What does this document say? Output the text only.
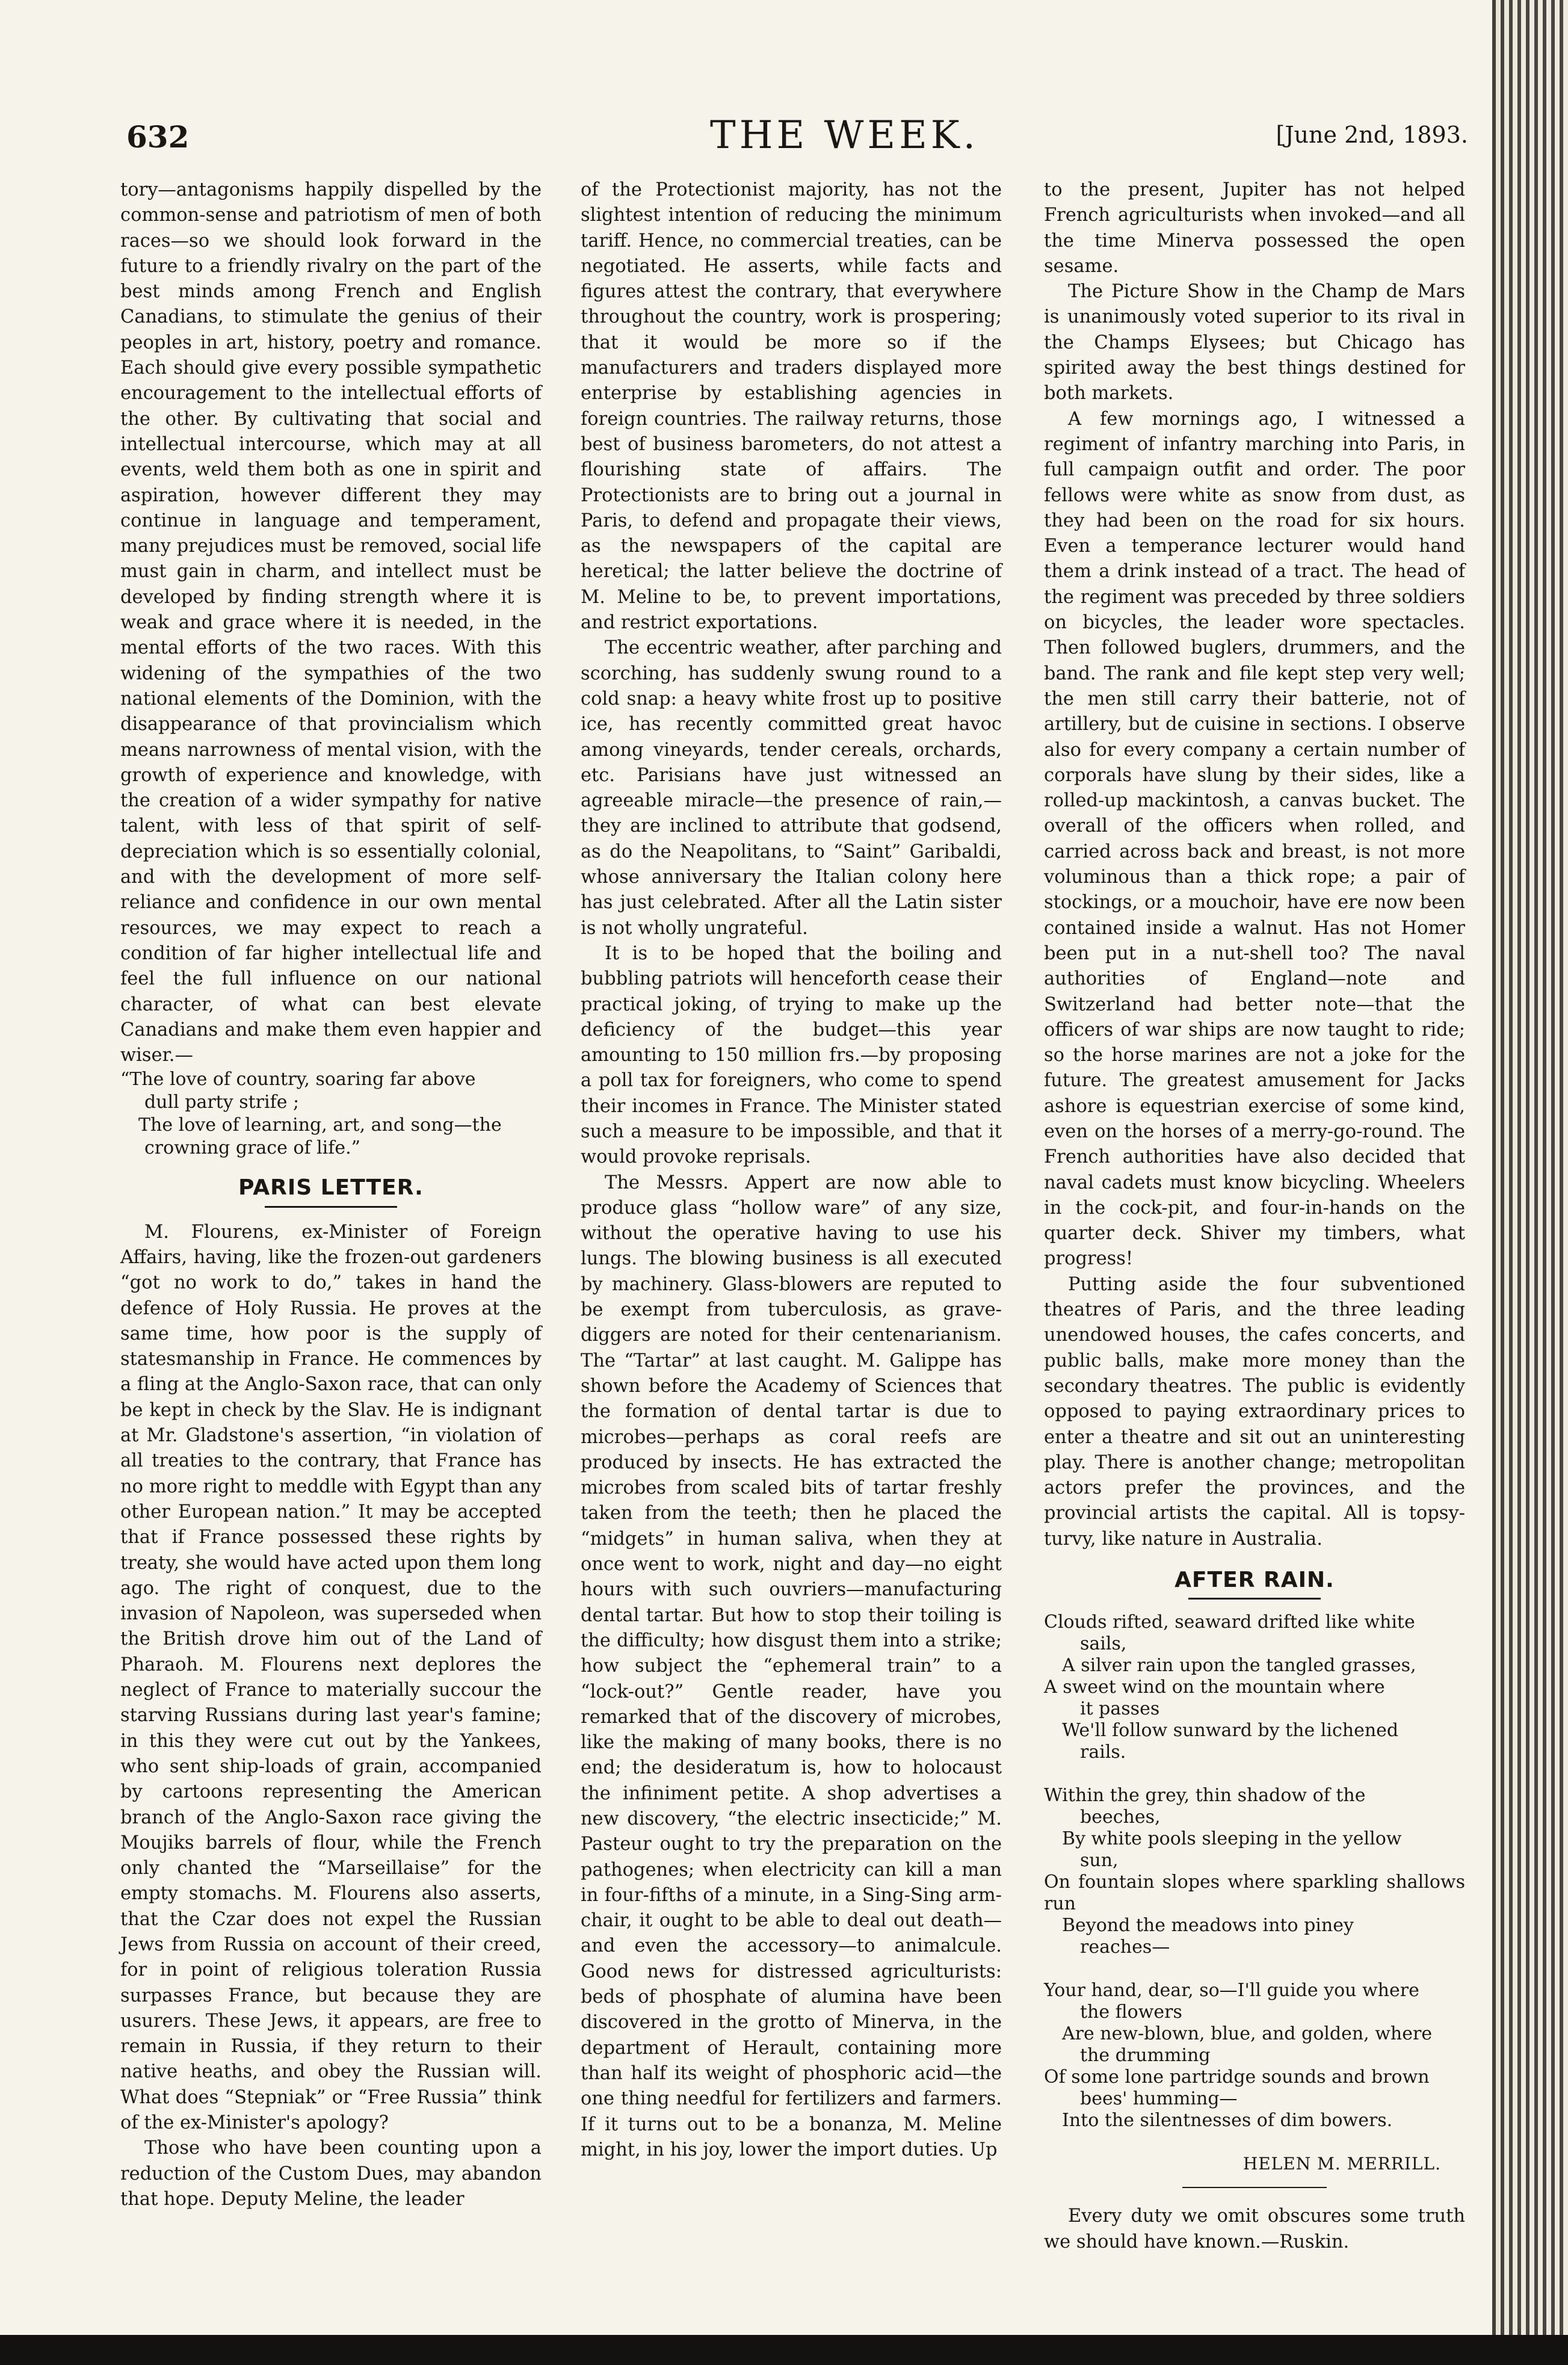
632	THE WEEK.	[June 2nd, 1893.

tory—antagonisms happily dispelled by the common-sense and patriotism of men of both races—so we should look forward in the future to a friendly rivalry on the part of the best minds among French and English Canadians, to stimulate the genius of their peoples in art, history, poetry and romance. Each should give every possible sympathetic encouragement to the intellectual efforts of the other. By cultivating that social and intellectual intercourse, which may at all events, weld them both as one in spirit and aspiration, however different they may continue in language and temperament, many prejudices must be removed, social life must gain in charm, and intellect must be developed by finding strength where it is weak and grace where it is needed, in the mental efforts of the two races. With this widening of the sympathies of the two national elements of the Dominion, with the disappearance of that provincialism which means narrowness of mental vision, with the growth of experience and knowledge, with the creation of a wider sympathy for native talent, with less of that spirit of self-depreciation which is so essentially colonial, and with the development of more self-reliance and confidence in our own mental resources, we may expect to reach a condition of far higher intellectual life and feel the full influence on our national character, of what can best elevate Canadians and make them even happier and wiser.—

“The love of country, soaring far above
dull party strife ;
The love of learning, art, and song—the
crowning grace of life.”
PARIS LETTER.

M. Flourens, ex-Minister of Foreign Affairs, having, like the frozen-out gardeners “got no work to do,” takes in hand the defence of Holy Russia. He proves at the same time, how poor is the supply of statesmanship in France. He commences by a fling at the Anglo-Saxon race, that can only be kept in check by the Slav. He is indignant at Mr. Gladstone's assertion, “in violation of all treaties to the contrary, that France has no more right to meddle with Egypt than any other European nation.” It may be accepted that if France possessed these rights by treaty, she would have acted upon them long ago. The right of conquest, due to the invasion of Napoleon, was superseded when the British drove him out of the Land of Pharaoh. M. Flourens next deplores the neglect of France to materially succour the starving Russians during last year's famine; in this they were cut out by the Yankees, who sent ship-loads of grain, accompanied by cartoons representing the American branch of the Anglo-Saxon race giving the Moujiks barrels of flour, while the French only chanted the “Marseillaise” for the empty stomachs. M. Flourens also asserts, that the Czar does not expel the Russian Jews from Russia on account of their creed, for in point of religious toleration Russia surpasses France, but because they are usurers. These Jews, it appears, are free to remain in Russia, if they return to their native heaths, and obey the Russian will. What does “Stepniak” or “Free Russia” think of the ex-Minister's apology?

Those who have been counting upon a reduction of the Custom Dues, may abandon that hope. Deputy Meline, the leader

of the Protectionist majority, has not the slightest intention of reducing the minimum tariff. Hence, no commercial treaties, can be negotiated. He asserts, while facts and figures attest the contrary, that everywhere throughout the country, work is prospering; that it would be more so if the manufacturers and traders displayed more enterprise by establishing agencies in foreign countries. The railway returns, those best of business barometers, do not attest a flourishing state of affairs. The Protectionists are to bring out a journal in Paris, to defend and propagate their views, as the newspapers of the capital are heretical; the latter believe the doctrine of M. Meline to be, to prevent importations, and restrict exportations.

The eccentric weather, after parching and scorching, has suddenly swung round to a cold snap: a heavy white frost up to positive ice, has recently committed great havoc among vineyards, tender cereals, orchards, etc. Parisians have just witnessed an agreeable miracle—the presence of rain,—they are inclined to attribute that godsend, as do the Neapolitans, to “Saint” Garibaldi, whose anniversary the Italian colony here has just celebrated. After all the Latin sister is not wholly ungrateful.

It is to be hoped that the boiling and bubbling patriots will henceforth cease their practical joking, of trying to make up the deficiency of the budget—this year amounting to 150 million frs.—by proposing a poll tax for foreigners, who come to spend their incomes in France. The Minister stated such a measure to be impossible, and that it would provoke reprisals.

The Messrs. Appert are now able to produce glass “hollow ware” of any size, without the operative having to use his lungs. The blowing business is all executed by machinery. Glass-blowers are reputed to be exempt from tuberculosis, as grave-diggers are noted for their centenarianism. The “Tartar” at last caught. M. Galippe has shown before the Academy of Sciences that the formation of dental tartar is due to microbes—perhaps as coral reefs are produced by insects. He has extracted the microbes from scaled bits of tartar freshly taken from the teeth; then he placed the “midgets” in human saliva, when they at once went to work, night and day—no eight hours with such ouvriers—manufacturing dental tartar. But how to stop their toiling is the difficulty; how disgust them into a strike; how subject the “ephemeral train” to a “lock-out?” Gentle reader, have you remarked that of the discovery of microbes, like the making of many books, there is no end; the desideratum is, how to holocaust the infiniment petite. A shop advertises a new discovery, “the electric insecticide;” M. Pasteur ought to try the preparation on the pathogenes; when electricity can kill a man in four-fifths of a minute, in a Sing-Sing arm-chair, it ought to be able to deal out death—and even the accessory—to animalcule. Good news for distressed agriculturists: beds of phosphate of alumina have been discovered in the grotto of Minerva, in the department of Herault, containing more than half its weight of phosphoric acid—the one thing needful for fertilizers and farmers. If it turns out to be a bonanza, M. Meline might, in his joy, lower the import duties. Up

to the present, Jupiter has not helped French agriculturists when invoked—and all the time Minerva possessed the open sesame.

The Picture Show in the Champ de Mars is unanimously voted superior to its rival in the Champs Elysees; but Chicago has spirited away the best things destined for both markets.

A few mornings ago, I witnessed a regiment of infantry marching into Paris, in full campaign outfit and order. The poor fellows were white as snow from dust, as they had been on the road for six hours. Even a temperance lecturer would hand them a drink instead of a tract. The head of the regiment was preceded by three soldiers on bicycles, the leader wore spectacles. Then followed buglers, drummers, and the band. The rank and file kept step very well; the men still carry their batterie, not of artillery, but de cuisine in sections. I observe also for every company a certain number of corporals have slung by their sides, like a rolled-up mackintosh, a canvas bucket. The overall of the officers when rolled, and carried across back and breast, is not more voluminous than a thick rope; a pair of stockings, or a mouchoir, have ere now been contained inside a walnut. Has not Homer been put in a nut-shell too? The naval authorities of England—note and Switzerland had better note—that the officers of war ships are now taught to ride; so the horse marines are not a joke for the future. The greatest amusement for Jacks ashore is equestrian exercise of some kind, even on the horses of a merry-go-round. The French authorities have also decided that naval cadets must know bicycling. Wheelers in the cock-pit, and four-in-hands on the quarter deck. Shiver my timbers, what progress!

Putting aside the four subventioned theatres of Paris, and the three leading unendowed houses, the cafes concerts, and public balls, make more money than the secondary theatres. The public is evidently opposed to paying extraordinary prices to enter a theatre and sit out an uninteresting play. There is another change; metropolitan actors prefer the provinces, and the provincial artists the capital. All is topsy-turvy, like nature in Australia.

AFTER RAIN.
Clouds rifted, seaward drifted like white
sails,
A silver rain upon the tangled grasses,
A sweet wind on the mountain where
it passes
We'll follow sunward by the lichened
rails.
Within the grey, thin shadow of the
beeches,
By white pools sleeping in the yellow
sun,
On fountain slopes where sparkling shallows run
Beyond the meadows into piney
reaches—
Your hand, dear, so—I'll guide you where
the flowers
Are new-blown, blue, and golden, where
the drumming
Of some lone partridge sounds and brown
bees' humming—
Into the silentnesses of dim bowers.
HELEN M. MERRILL.

Every duty we omit obscures some truth we should have known.—Ruskin.
